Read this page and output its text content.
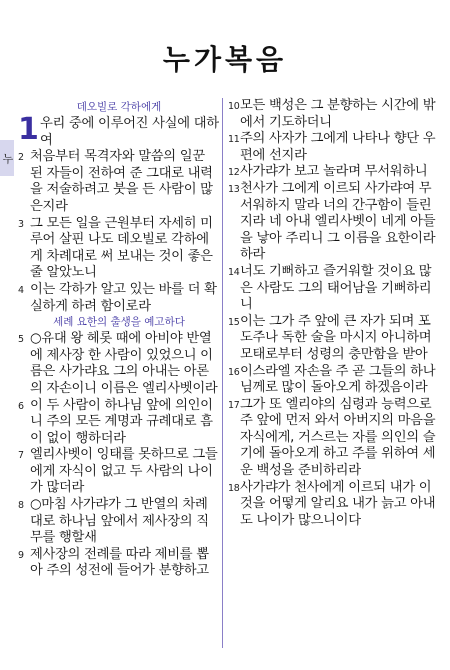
누가복음
누
데오빌로 각하에게
1 우리 중에 이루어진 사실에 대하여
2 처음부터 목격자와 말씀의 일꾼 된 자들이 전하여 준 그대로 내력을 저술하려고 붓을 든 사람이 많은지라
3 그 모든 일을 근원부터 자세히 미루어 살핀 나도 데오빌로 각하에게 차례대로 써 보내는 것이 좋은 줄 알았노니
4 이는 각하가 알고 있는 바를 더 확실하게 하려 함이로라
세례 요한의 출생을 예고하다
5 ○유대 왕 헤롯 때에 아비야 반열에 제사장 한 사람이 있었으니 이름은 사가랴요 그의 아내는 아론의 자손이니 이름은 엘리사벳이라
6 이 두 사람이 하나님 앞에 의인이니 주의 모든 계명과 규례대로 흠이 없이 행하더라
7 엘리사벳이 잉태를 못하므로 그들에게 자식이 없고 두 사람의 나이가 많더라
8 ○마침 사가랴가 그 반열의 차례대로 하나님 앞에서 제사장의 직무를 행할새
9 제사장의 전례를 따라 제비를 뽑아 주의 성전에 들어가 분향하고
10 모든 백성은 그 분향하는 시간에 밖에서 기도하더니
11 주의 사자가 그에게 나타나 향단 우편에 선지라
12 사가랴가 보고 놀라며 무서워하니
13 천사가 그에게 이르되 사가랴여 무서워하지 말라 너의 간구함이 들린지라 네 아내 엘리사벳이 네게 아들을 낳아 주리니 그 이름을 요한이라 하라
14 너도 기뻐하고 즐거워할 것이요 많은 사람도 그의 태어남을 기뻐하리니
15 이는 그가 주 앞에 큰 자가 되며 포도주나 독한 술을 마시지 아니하며 모태로부터 성령의 충만함을 받아
16 이스라엘 자손을 주 곧 그들의 하나님께로 많이 돌아오게 하겠음이라
17 그가 또 엘리야의 심령과 능력으로 주 앞에 먼저 와서 아버지의 마음을 자식에게, 거스르는 자를 의인의 슬기에 돌아오게 하고 주를 위하여 세운 백성을 준비하리라
18 사가랴가 천사에게 이르되 내가 이것을 어떻게 알리요 내가 늙고 아내도 나이가 많으니이다
